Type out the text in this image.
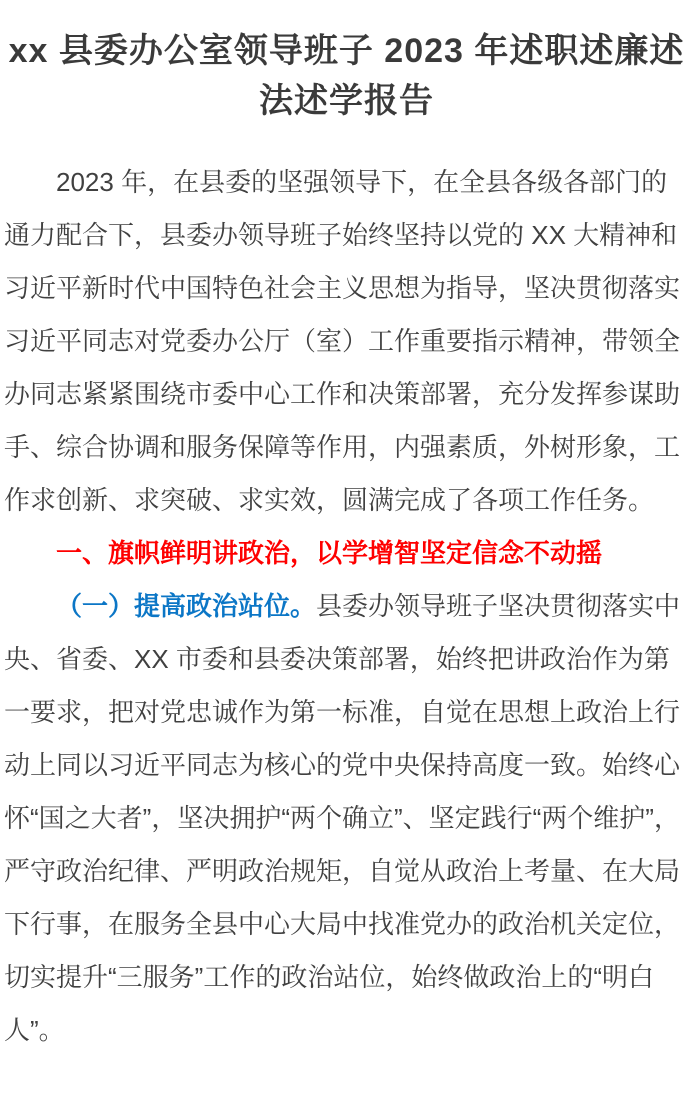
xx 县委办公室领导班子 2023 年述职述廉述法述学报告

2023 年，在县委的坚强领导下，在全县各级各部门的通力配合下，县委办领导班子始终坚持以党的 XX 大精神和习近平新时代中国特色社会主义思想为指导，坚决贯彻落实习近平同志对党委办公厅（室）工作重要指示精神，带领全办同志紧紧围绕市委中心工作和决策部署，充分发挥参谋助手、综合协调和服务保障等作用，内强素质，外树形象，工作求创新、求突破、求实效，圆满完成了各项工作任务。

一、旗帜鲜明讲政治，以学增智坚定信念不动摇

（一）提高政治站位。县委办领导班子坚决贯彻落实中央、省委、XX 市委和县委决策部署，始终把讲政治作为第一要求，把对党忠诚作为第一标准，自觉在思想上政治上行动上同以习近平同志为核心的党中央保持高度一致。始终心怀“国之大者”，坚决拥护“两个确立”、坚定践行“两个维护”，严守政治纪律、严明政治规矩，自觉从政治上考量、在大局下行事，在服务全县中心大局中找准党办的政治机关定位，切实提升“三服务”工作的政治站位，始终做政治上的“明白人”。
